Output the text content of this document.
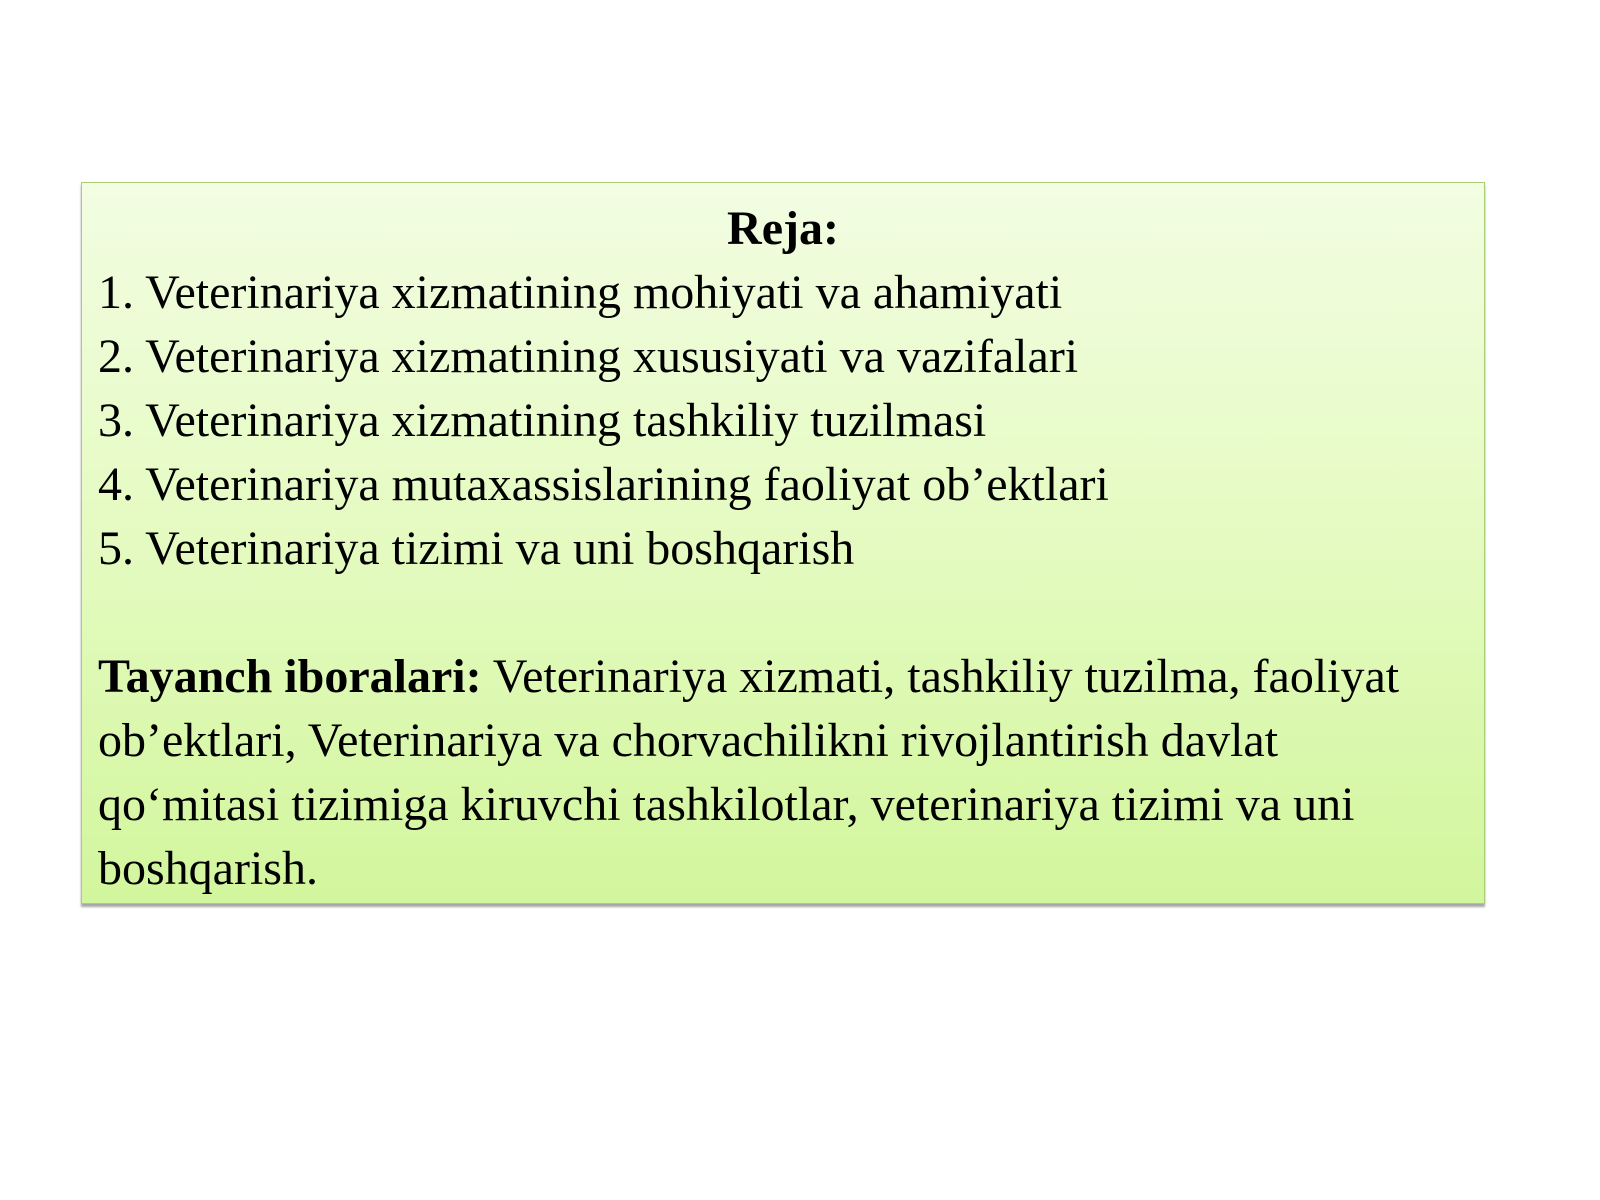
Reja:

1. Veterinariya xizmatining mohiyati va ahamiyati
2. Veterinariya xizmatining xususiyati va vazifalari
3. Veterinariya xizmatining tashkiliy tuzilmasi
4. Veterinariya mutaxassislarining faoliyat ob’ektlari
5. Veterinariya tizimi va uni boshqarish

Tayanch iboralari: Veterinariya xizmati, tashkiliy tuzilma, faoliyat ob’ektlari, Veterinariya va chorvachilikni rivojlantirish davlat qo‘mitasi tizimiga kiruvchi tashkilotlar, veterinariya tizimi va uni boshqarish.
